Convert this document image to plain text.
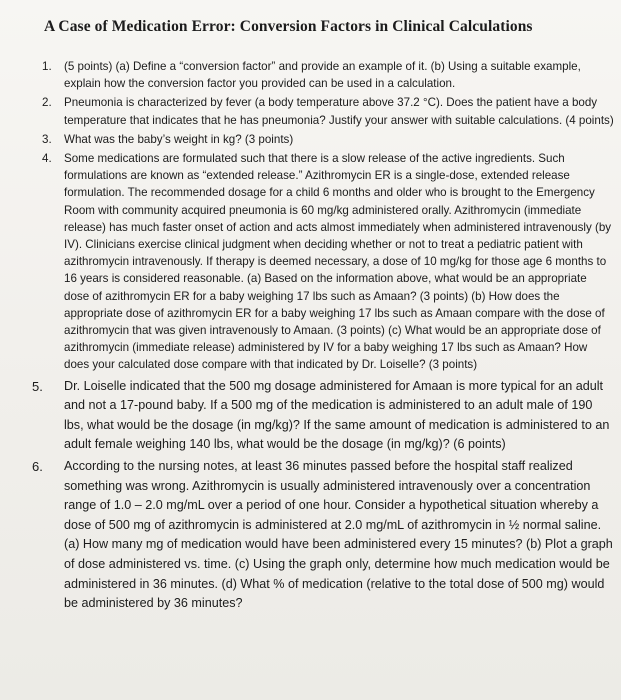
A Case of Medication Error: Conversion Factors in Clinical Calculations
1.	(5 points) (a) Define a “conversion factor” and provide an example of it. (b) Using a suitable example, explain how the conversion factor you provided can be used in a calculation.
2.	Pneumonia is characterized by fever (a body temperature above 37.2 °C). Does the patient have a body temperature that indicates that he has pneumonia? Justify your answer with suitable calculations. (4 points)
3.	What was the baby’s weight in kg? (3 points)
4.	Some medications are formulated such that there is a slow release of the active ingredients. Such formulations are known as “extended release.” Azithromycin ER is a single-dose, extended release formulation. The recommended dosage for a child 6 months and older who is brought to the Emergency Room with community acquired pneumonia is 60 mg/kg administered orally. Azithromycin (immediate release) has much faster onset of action and acts almost immediately when administered intravenously (by IV). Clinicians exercise clinical judgment when deciding whether or not to treat a pediatric patient with azithromycin intravenously. If therapy is deemed necessary, a dose of 10 mg/kg for those age 6 months to 16 years is considered reasonable. (a) Based on the information above, what would be an appropriate dose of azithromycin ER for a baby weighing 17 lbs such as Amaan? (3 points) (b) How does the appropriate dose of azithromycin ER for a baby weighing 17 lbs such as Amaan compare with the dose of azithromycin that was given intravenously to Amaan. (3 points) (c) What would be an appropriate dose of azithromycin (immediate release) administered by IV for a baby weighing 17 lbs such as Amaan? How does your calculated dose compare with that indicated by Dr. Loiselle? (3 points)
5.	Dr. Loiselle indicated that the 500 mg dosage administered for Amaan is more typical for an adult and not a 17-pound baby. If a 500 mg of the medication is administered to an adult male of 190 lbs, what would be the dosage (in mg/kg)? If the same amount of medication is administered to an adult female weighing 140 lbs, what would be the dosage (in mg/kg)? (6 points)
6.	According to the nursing notes, at least 36 minutes passed before the hospital staff realized something was wrong. Azithromycin is usually administered intravenously over a concentration range of 1.0 – 2.0 mg/mL over a period of one hour. Consider a hypothetical situation whereby a dose of 500 mg of azithromycin is administered at 2.0 mg/mL of azithromycin in ½ normal saline. (a) How many mg of medication would have been administered every 15 minutes? (b) Plot a graph of dose administered vs. time. (c) Using the graph only, determine how much medication would be administered in 36 minutes. (d) What % of medication (relative to the total dose of 500 mg) would be administered by 36 minutes?
